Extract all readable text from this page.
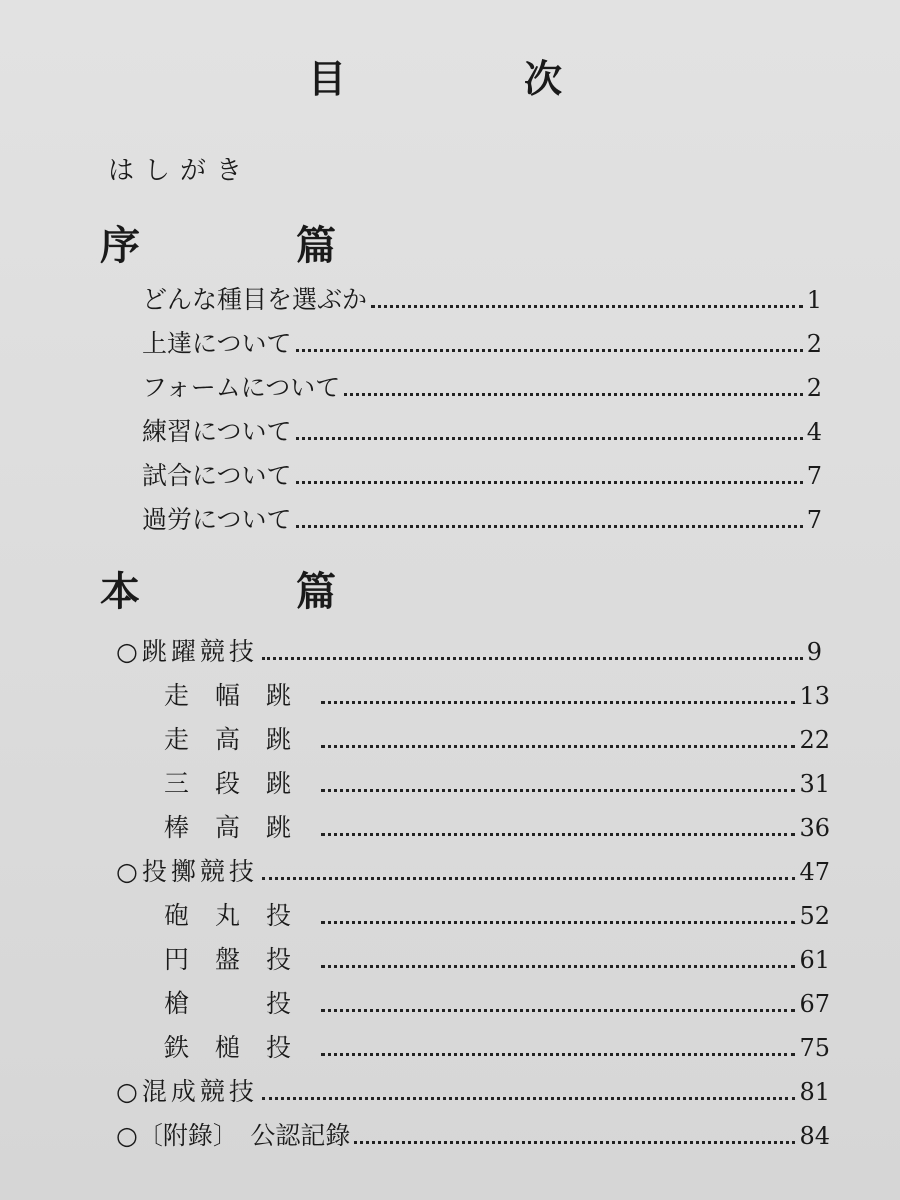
目　次
はしがき
序　篇
どんな種目を選ぶか	1
上達について	2
フォームについて	2
練習について	4
試合について	7
過労について	7
本　篇
○跳躍競技	9
走幅跳	13
走高跳	22
三段跳	31
棒高跳	36
○投擲競技	47
砲丸投	52
円盤投	61
槍　投	67
鉄槌投	75
○混成競技	81
○〔附錄〕　公認記錄	84
